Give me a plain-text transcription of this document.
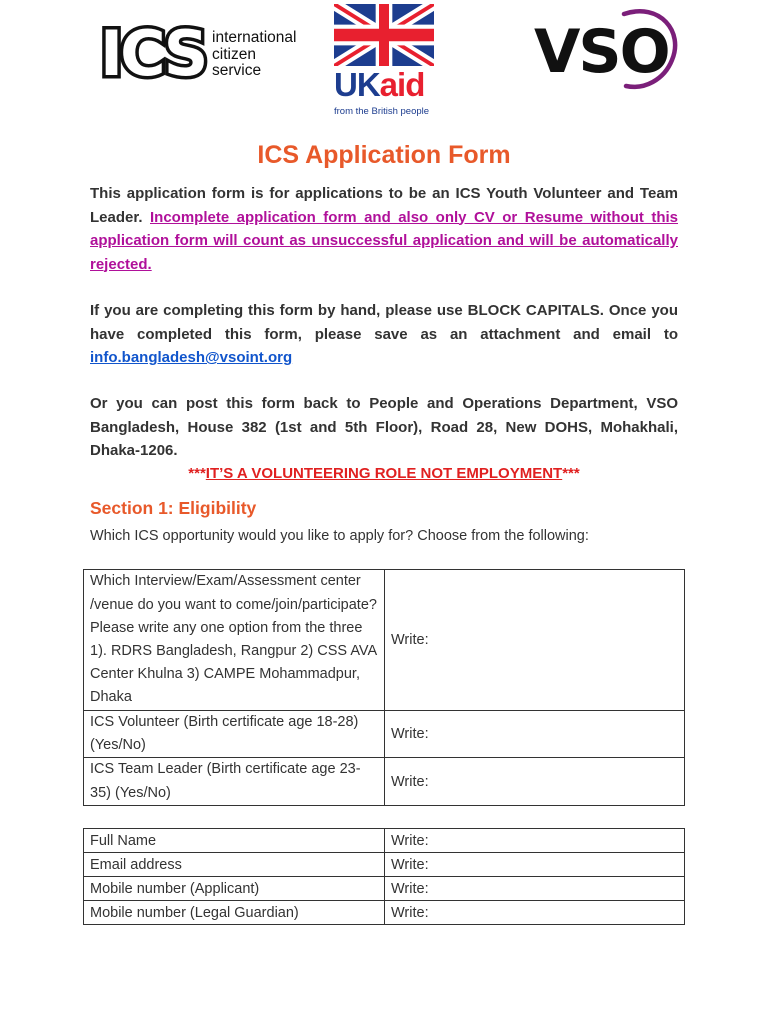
ICS international
citizen
service	UKaid
from the British people
VSO
ICS Application Form
This application form is for applications to be an ICS Youth Volunteer and Team Leader. Incomplete application form and also only CV or Resume without this application form will count as unsuccessful application and will be automatically rejected.
If you are completing this form by hand, please use BLOCK CAPITALS. Once you have completed this form, please save as an attachment and email to info.bangladesh@vsoint.org
Or you can post this form back to People and Operations Department, VSO Bangladesh, House 382 (1st and 5th Floor), Road 28, New DOHS, Mohakhali, Dhaka-1206.
***IT’S A VOLUNTEERING ROLE NOT EMPLOYMENT***
Section 1: Eligibility
Which ICS opportunity would you like to apply for? Choose from the following:
Which Interview/Exam/Assessment center /venue do you want to come/join/participate? Please write any one option from the three 1). RDRS Bangladesh, Rangpur 2) CSS AVA Center Khulna 3) CAMPE Mohammadpur, Dhaka	Write:
ICS Volunteer (Birth certificate age 18-28) (Yes/No)	Write:
ICS Team Leader (Birth certificate age 23-35) (Yes/No)	Write:
Full Name	Write:
Email address	Write:
Mobile number (Applicant)	Write:
Mobile number (Legal Guardian)	Write:
